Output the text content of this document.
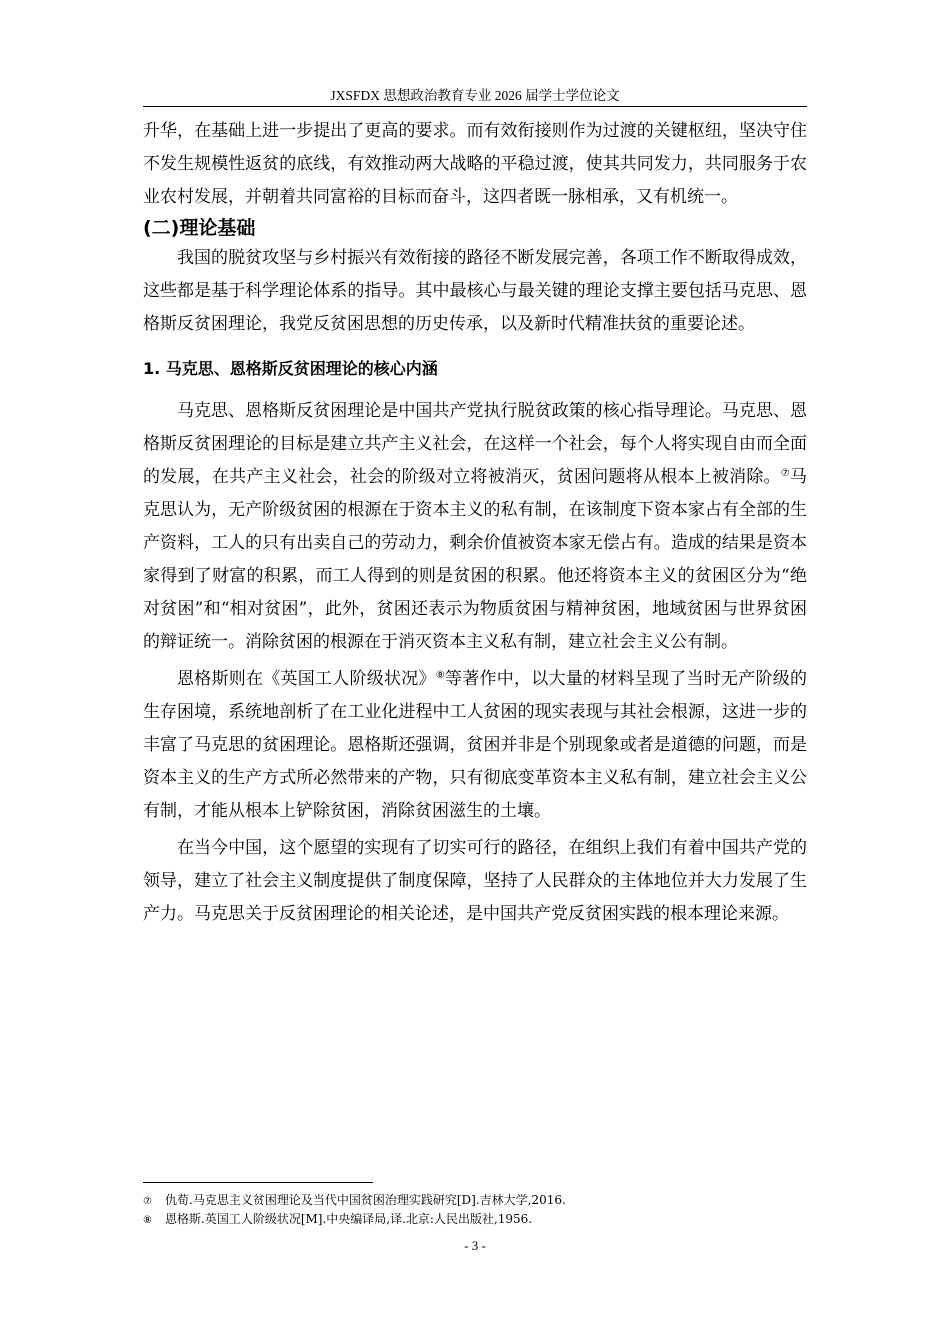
JXSFDX 思想政治教育专业 2026 届学士学位论文

升华，在基础上进一步提出了更高的要求。而有效衔接则作为过渡的关键枢纽，坚决守住不发生规模性返贫的底线，有效推动两大战略的平稳过渡，使其共同发力，共同服务于农业农村发展，并朝着共同富裕的目标而奋斗，这四者既一脉相承，又有机统一。

(二)理论基础

我国的脱贫攻坚与乡村振兴有效衔接的路径不断发展完善，各项工作不断取得成效，这些都是基于科学理论体系的指导。其中最核心与最关键的理论支撑主要包括马克思、恩格斯反贫困理论，我党反贫困思想的历史传承，以及新时代精准扶贫的重要论述。

1. 马克思、恩格斯反贫困理论的核心内涵

马克思、恩格斯反贫困理论是中国共产党执行脱贫政策的核心指导理论。马克思、恩格斯反贫困理论的目标是建立共产主义社会，在这样一个社会，每个人将实现自由而全面的发展，在共产主义社会，社会的阶级对立将被消灭，贫困问题将从根本上被消除。⑦马克思认为，无产阶级贫困的根源在于资本主义的私有制，在该制度下资本家占有全部的生产资料，工人的只有出卖自己的劳动力，剩余价值被资本家无偿占有。造成的结果是资本家得到了财富的积累，而工人得到的则是贫困的积累。他还将资本主义的贫困区分为“绝对贫困”和“相对贫困”，此外，贫困还表示为物质贫困与精神贫困，地域贫困与世界贫困的辩证统一。消除贫困的根源在于消灭资本主义私有制，建立社会主义公有制。

恩格斯则在《英国工人阶级状况》⑧等著作中，以大量的材料呈现了当时无产阶级的生存困境，系统地剖析了在工业化进程中工人贫困的现实表现与其社会根源，这进一步的丰富了马克思的贫困理论。恩格斯还强调，贫困并非是个别现象或者是道德的问题，而是资本主义的生产方式所必然带来的产物，只有彻底变革资本主义私有制，建立社会主义公有制，才能从根本上铲除贫困，消除贫困滋生的土壤。

在当今中国，这个愿望的实现有了切实可行的路径，在组织上我们有着中国共产党的领导，建立了社会主义制度提供了制度保障，坚持了人民群众的主体地位并大力发展了生产力。马克思关于反贫困理论的相关论述，是中国共产党反贫困实践的根本理论来源。

⑦ 仇荀.马克思主义贫困理论及当代中国贫困治理实践研究[D].吉林大学,2016.
⑧ 恩格斯.英国工人阶级状况[M].中央编译局,译.北京:人民出版社,1956.
- 3 -
